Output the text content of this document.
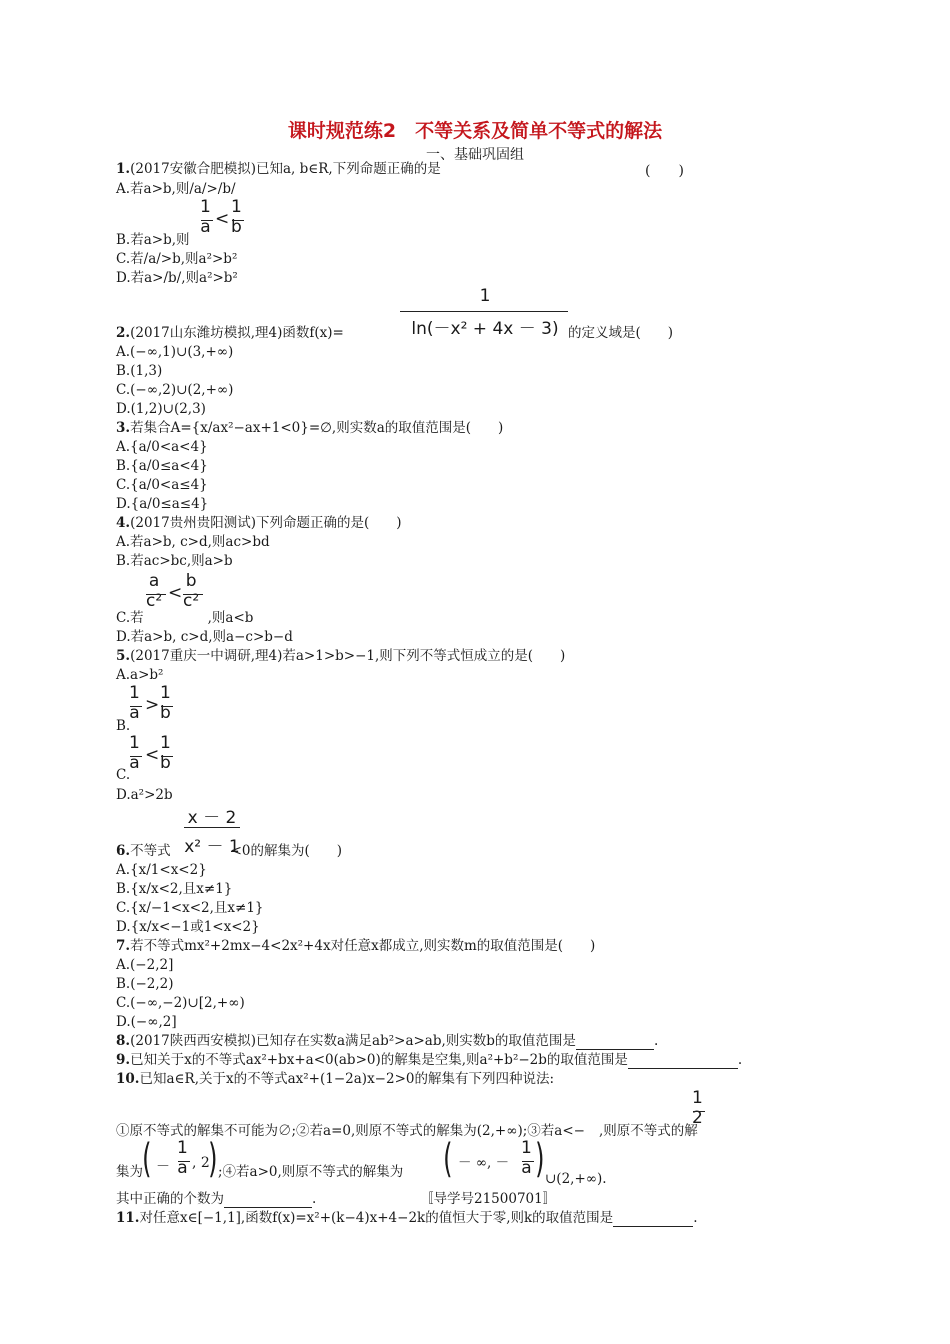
课时规范练2　不等关系及简单不等式的解法
一、基础巩固组
1.(2017安徽合肥模拟)已知a, b∈R,下列命题正确的是	(　　)
A.若a>b,则/a/>/b/
1
a <
1
b
B.若a>b,则
C.若/a/>b,则a²>b²
D.若a>/b/,则a²>b²
1
ln(－x² + 4x － 3)
2.(2017山东潍坊模拟,理4)函数f(x)=	的定义域是(　　)
A.(−∞,1)∪(3,+∞)
B.(1,3)
C.(−∞,2)∪(2,+∞)
D.(1,2)∪(2,3)
3.若集合A={x/ax²−ax+1<0}=∅,则实数a的取值范围是(　　)
A.{a/0<a<4}
B.{a/0≤a<4}
C.{a/0<a≤4}
D.{a/0≤a≤4}
4.(2017贵州贵阳测试)下列命题正确的是(　　)
A.若a>b, c>d,则ac>bd
B.若ac>bc,则a>b
a
c² <
b
c²
C.若	,则a<b
D.若a>b, c>d,则a−c>b−d
5.(2017重庆一中调研,理4)若a>1>b>−1,则下列不等式恒成立的是(　　)
A.a>b²
1
a >
1
b
B.
1
a <
1
b
C.
D.a²>2b
x － 2
x² － 1
6.不等式	<0的解集为(　　)
A.{x/1<x<2}
B.{x/x<2,且x≠1}
C.{x/−1<x<2,且x≠1}
D.{x/x<−1或1<x<2}
7.若不等式mx²+2mx−4<2x²+4x对任意x都成立,则实数m的取值范围是(　　)
A.(−2,2]
B.(−2,2)
C.(−∞,−2)∪[2,+∞)
D.(−∞,2]
8.(2017陕西西安模拟)已知存在实数a满足ab²>a>ab,则实数b的取值范围是	.
9.已知关于x的不等式ax²+bx+a<0(ab>0)的解集是空集,则a²+b²−2b的取值范围是	.
10.已知a∈R,关于x的不等式ax²+(1−2a)x−2>0的解集有下列四种说法:
1
2
①原不等式的解集不可能为∅;②若a=0,则原不等式的解集为(2,+∞);③若a<− ,则原不等式的解
集为 ( －
1
a , 2
) ;④若a>0,则原不等式的解集为 ( － ∞, －
1
a ) ∪(2,+∞).
其中正确的个数为	.	〚导学号21500701〛
11.对任意x∈[−1,1],函数f(x)=x²+(k−4)x+4−2k的值恒大于零,则k的取值范围是	.
